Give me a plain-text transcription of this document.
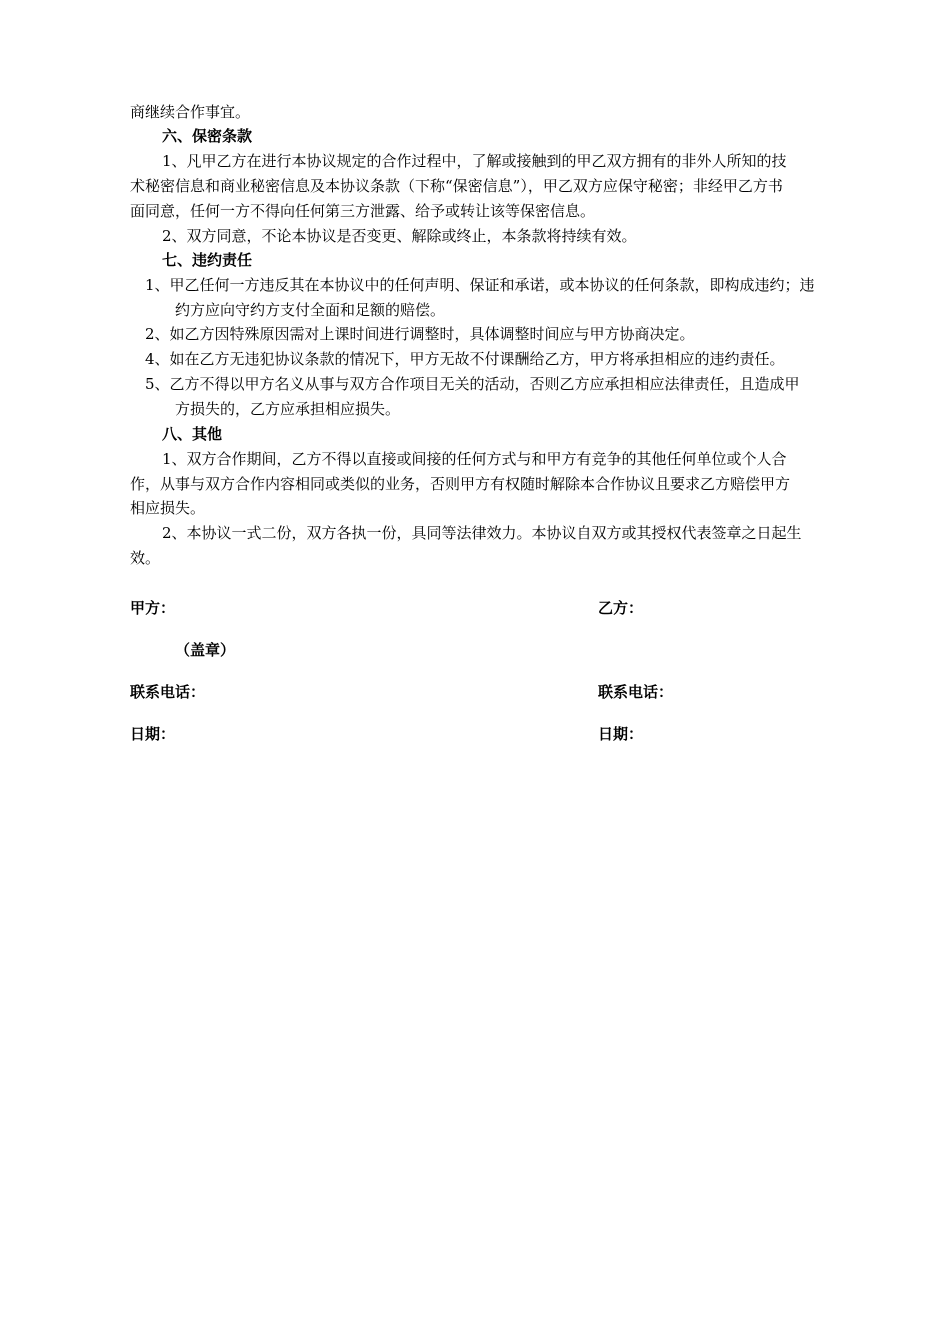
商继续合作事宜。
六、保密条款
1、凡甲乙方在进行本协议规定的合作过程中，了解或接触到的甲乙双方拥有的非外人所知的技
术秘密信息和商业秘密信息及本协议条款（下称“保密信息”），甲乙双方应保守秘密；非经甲乙方书
面同意，任何一方不得向任何第三方泄露、给予或转让该等保密信息。
2、双方同意，不论本协议是否变更、解除或终止，本条款将持续有效。
七、违约责任
1、甲乙任何一方违反其在本协议中的任何声明、保证和承诺，或本协议的任何条款，即构成违约；违
约方应向守约方支付全面和足额的赔偿。
2、如乙方因特殊原因需对上课时间进行调整时，具体调整时间应与甲方协商决定。
4、如在乙方无违犯协议条款的情况下，甲方无故不付课酬给乙方，甲方将承担相应的违约责任。
5、乙方不得以甲方名义从事与双方合作项目无关的活动，否则乙方应承担相应法律责任，且造成甲
方损失的，乙方应承担相应损失。
八、其他
1、双方合作期间，乙方不得以直接或间接的任何方式与和甲方有竞争的其他任何单位或个人合
作，从事与双方合作内容相同或类似的业务，否则甲方有权随时解除本合作协议且要求乙方赔偿甲方
相应损失。
2、本协议一式二份，双方各执一份，具同等法律效力。本协议自双方或其授权代表签章之日起生
效。
甲方：	乙方：
（盖章）
联系电话：	联系电话：
日期：	日期：
